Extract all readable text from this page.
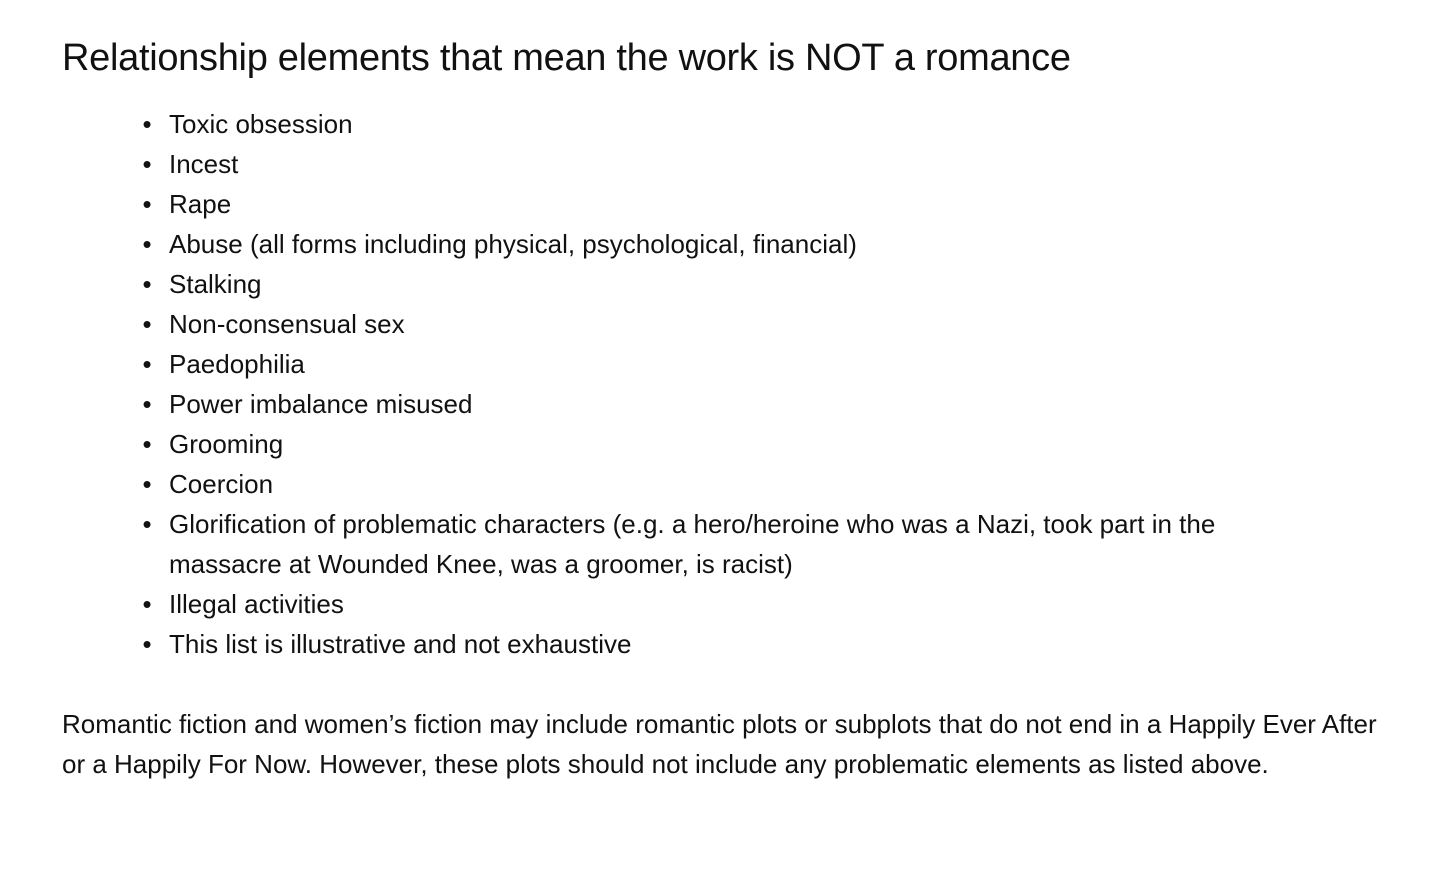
Relationship elements that mean the work is NOT a romance
• Toxic obsession
• Incest
• Rape
• Abuse (all forms including physical, psychological, financial)
• Stalking
• Non-consensual sex
• Paedophilia
• Power imbalance misused
• Grooming
• Coercion
• Glorification of problematic characters (e.g. a hero/heroine who was a Nazi, took part in the massacre at Wounded Knee, was a groomer, is racist)
• Illegal activities
• This list is illustrative and not exhaustive

Romantic fiction and women’s fiction may include romantic plots or subplots that do not end in a Happily Ever After or a Happily For Now. However, these plots should not include any problematic elements as listed above.
